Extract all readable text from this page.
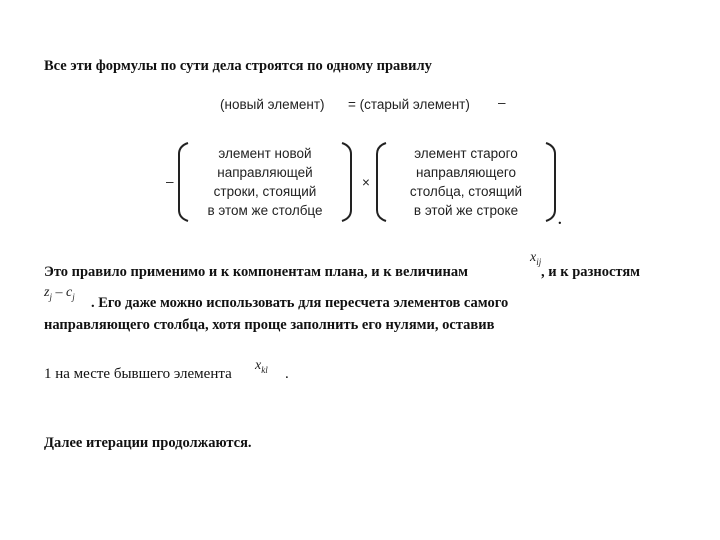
Все эти формулы по сути дела строятся по одному правилу
(новый элемент) = (старый элемент) –
–
элемент новой
направляющей
строки, стоящий
в этом же столбце
×
элемент старого
направляющего
столбца, стоящий
в этой же строке
.
Это правило применимо и к компонентам плана, и к величинам
$x_{ij}$
, и к разностям
$z_j - c_j$ . Его даже можно использовать для пересчета элементов самого
направляющего столбца, хотя проще заполнить его нулями, оставив
1 на месте бывшего элемента
$x_{kl}$ .
Далее итерации продолжаются.
